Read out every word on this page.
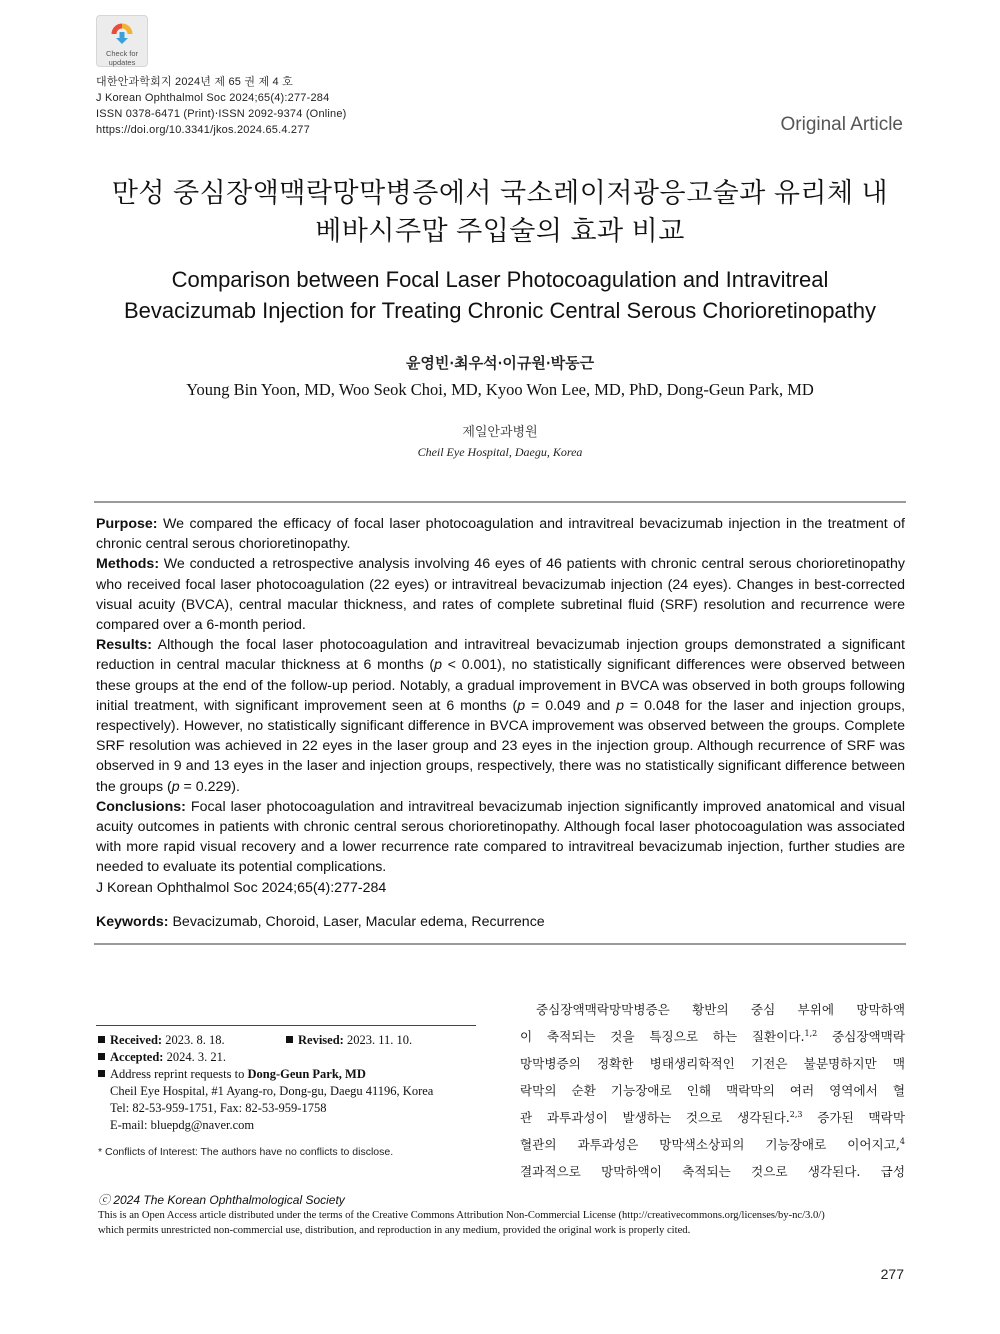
Check for
updates
대한안과학회지 2024년 제 65 권 제 4 호
J Korean Ophthalmol Soc 2024;65(4):277-284
ISSN 0378-6471 (Print)⋅ISSN 2092-9374 (Online)
https://doi.org/10.3341/jkos.2024.65.4.277	Original Article
만성 중심장액맥락망막병증에서 국소레이저광응고술과 유리체 내
베바시주맙 주입술의 효과 비교
Comparison between Focal Laser Photocoagulation and Intravitreal
Bevacizumab Injection for Treating Chronic Central Serous Chorioretinopathy
윤영빈⋅최우석⋅이규원⋅박동근
Young Bin Yoon, MD, Woo Seok Choi, MD, Kyoo Won Lee, MD, PhD, Dong-Geun Park, MD
제일안과병원
Cheil Eye Hospital, Daegu, Korea

Purpose: We compared the efficacy of focal laser photocoagulation and intravitreal bevacizumab injection in the treatment of chronic central serous chorioretinopathy.

Methods: We conducted a retrospective analysis involving 46 eyes of 46 patients with chronic central serous chorioretinopathy who received focal laser photocoagulation (22 eyes) or intravitreal bevacizumab injection (24 eyes). Changes in best-corrected visual acuity (BVCA), central macular thickness, and rates of complete subretinal fluid (SRF) resolution and recurrence were compared over a 6-month period.

Results: Although the focal laser photocoagulation and intravitreal bevacizumab injection groups demonstrated a significant reduction in central macular thickness at 6 months (p < 0.001), no statistically significant differences were observed between these groups at the end of the follow-up period. Notably, a gradual improvement in BVCA was observed in both groups following initial treatment, with significant improvement seen at 6 months (p = 0.049 and p = 0.048 for the laser and injection groups, respectively). However, no statistically significant difference in BVCA improvement was observed between the groups. Complete SRF resolution was achieved in 22 eyes in the laser group and 23 eyes in the injection group. Although recurrence of SRF was observed in 9 and 13 eyes in the laser and injection groups, respectively, there was no statistically significant difference between the groups (p = 0.229).

Conclusions: Focal laser photocoagulation and intravitreal bevacizumab injection significantly improved anatomical and visual acuity outcomes in patients with chronic central serous chorioretinopathy. Although focal laser photocoagulation was associated with more rapid visual recovery and a lower recurrence rate compared to intravitreal bevacizumab injection, further studies are needed to evaluate its potential complications.

J Korean Ophthalmol Soc 2024;65(4):277-284

Keywords: Bevacizumab, Choroid, Laser, Macular edema, Recurrence
Received: 2023. 8. 18.	Revised: 2023. 11. 10.
Accepted: 2024. 3. 21.
Address reprint requests to Dong-Geun Park, MD
Cheil Eye Hospital, #1 Ayang-ro, Dong-gu, Daegu 41196, Korea
Tel: 82-53-959-1751, Fax: 82-53-959-1758
E-mail: bluepdg@naver.com
* Conflicts of Interest: The authors have no conflicts to disclose.
중심장액맥락망막병증은 황반의 중심 부위에 망막하액
이 축적되는 것을 특징으로 하는 질환이다.$^{1,2}$ 중심장액맥락
망막병증의 정확한 병태생리학적인 기전은 불분명하지만 맥
락막의 순환 기능장애로 인해 맥락막의 여러 영역에서 혈
관 과투과성이 발생하는 것으로 생각된다.$^{2,3}$ 증가된 맥락막
혈관의 과투과성은 망막색소상피의 기능장애로 이어지고,$^4$
결과적으로 망막하액이 축적되는 것으로 생각된다. 급성
ⓒ 2024 The Korean Ophthalmological Society
This is an Open Access article distributed under the terms of the Creative Commons Attribution Non-Commercial License (http://creativecommons.org/licenses/by-nc/3.0/)
which permits unrestricted non-commercial use, distribution, and reproduction in any medium, provided the original work is properly cited.
277
